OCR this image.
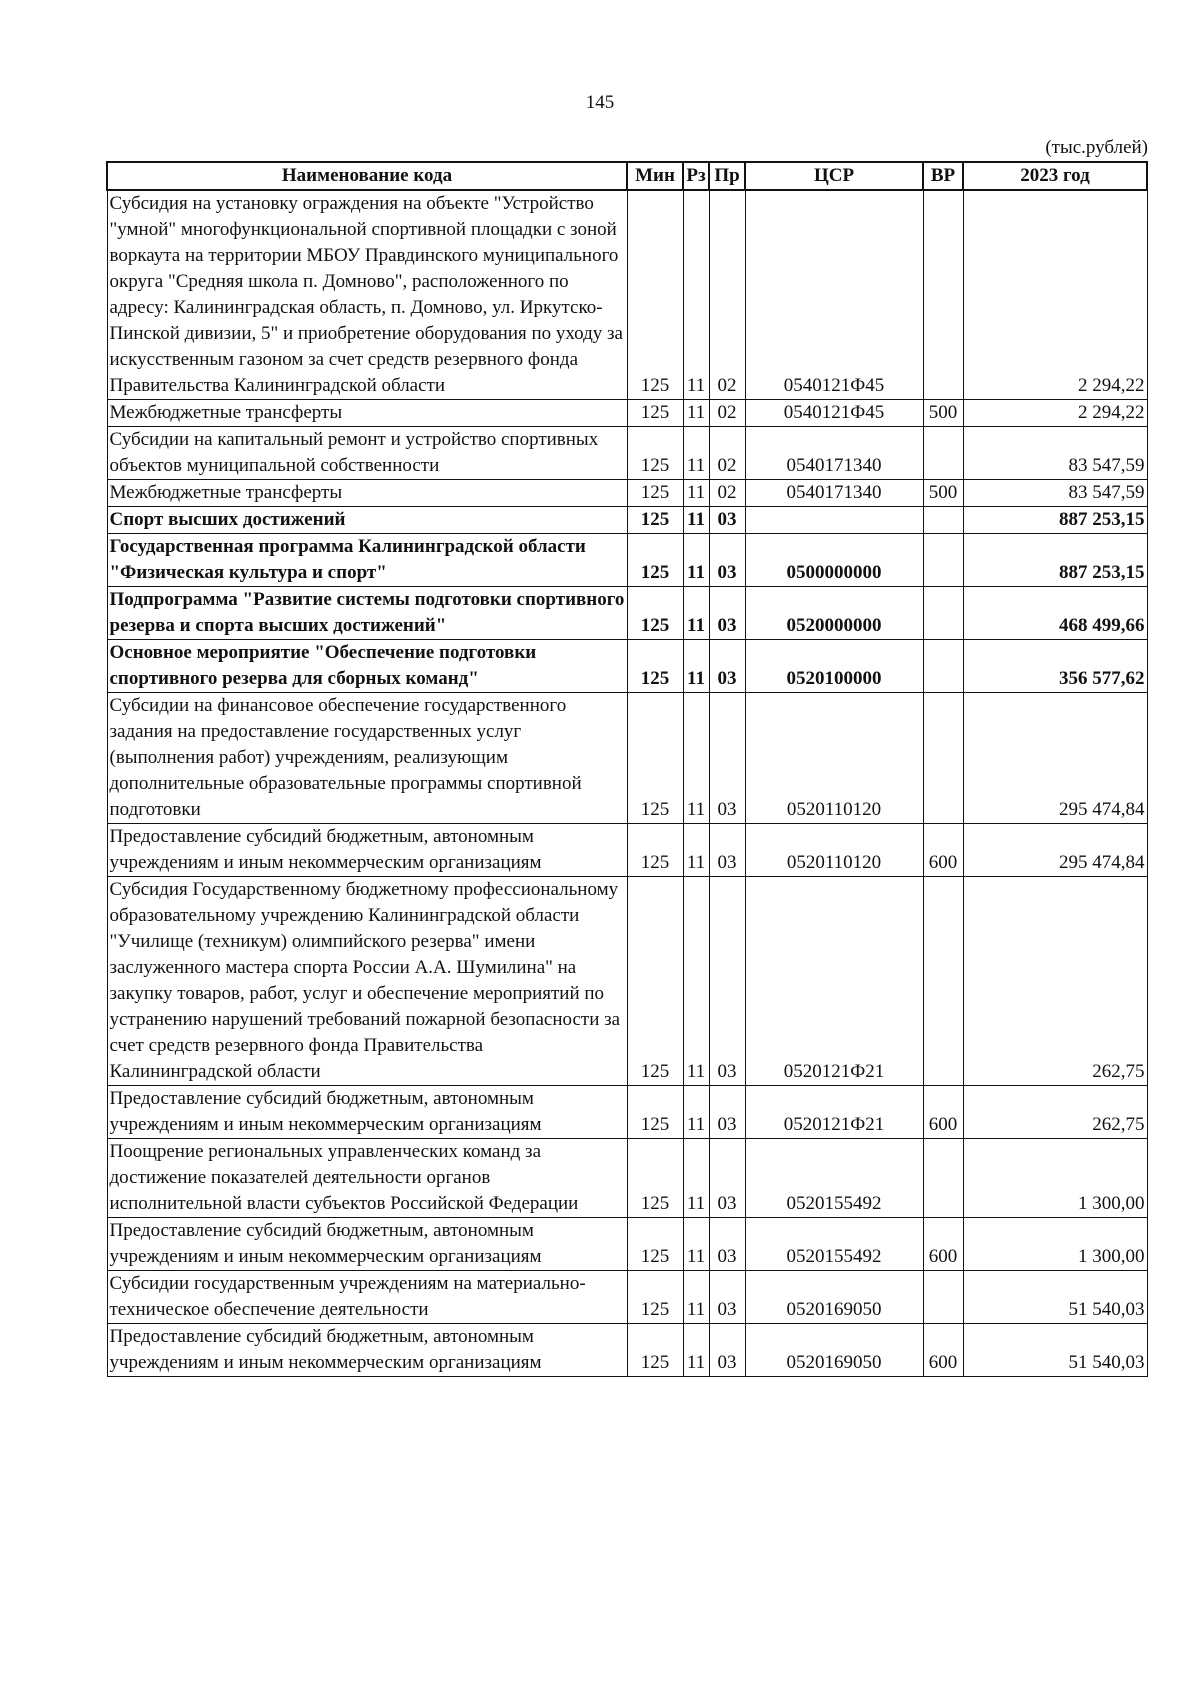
145
(тыс.рублей)
Наименование кода	Мин	Рз	Пр	ЦСР	ВР	2023 год
Субсидия на установку ограждения на объекте "Устройство "умной" многофункциональной спортивной площадки с зоной воркаута на территории МБОУ Правдинского муниципального округа "Средняя школа п. Домново", расположенного по адресу: Калининградская область, п. Домново, ул. Иркутско-Пинской дивизии, 5" и приобретение оборудования по уходу за искусственным газоном за счет средств резервного фонда Правительства Калининградской области	125	11	02	0540121Ф45		2 294,22
Межбюджетные трансферты	125	11	02	0540121Ф45	500	2 294,22
Субсидии на капитальный ремонт и устройство спортивных объектов муниципальной собственности	125	11	02	0540171340		83 547,59
Межбюджетные трансферты	125	11	02	0540171340	500	83 547,59
Спорт высших достижений	125	11	03			887 253,15
Государственная программа Калининградской области "Физическая культура и спорт"	125	11	03	0500000000		887 253,15
Подпрограмма "Развитие системы подготовки спортивного резерва и спорта высших достижений"	125	11	03	0520000000		468 499,66
Основное мероприятие "Обеспечение подготовки спортивного резерва для сборных команд"	125	11	03	0520100000		356 577,62
Субсидии на финансовое обеспечение государственного задания на предоставление государственных услуг (выполнения работ) учреждениям, реализующим дополнительные образовательные программы спортивной подготовки	125	11	03	0520110120		295 474,84
Предоставление субсидий бюджетным, автономным учреждениям и иным некоммерческим организациям	125	11	03	0520110120	600	295 474,84
Субсидия Государственному бюджетному профессиональному образовательному учреждению Калининградской области "Училище (техникум) олимпийского резерва" имени заслуженного мастера спорта России А.А. Шумилина" на закупку товаров, работ, услуг и обеспечение мероприятий по устранению нарушений требований пожарной безопасности за счет средств резервного фонда Правительства Калининградской области	125	11	03	0520121Ф21		262,75
Предоставление субсидий бюджетным, автономным учреждениям и иным некоммерческим организациям	125	11	03	0520121Ф21	600	262,75
Поощрение региональных управленческих команд за достижение показателей деятельности органов исполнительной власти субъектов Российской Федерации	125	11	03	0520155492		1 300,00
Предоставление субсидий бюджетным, автономным учреждениям и иным некоммерческим организациям	125	11	03	0520155492	600	1 300,00
Субсидии государственным учреждениям на материально-техническое обеспечение деятельности	125	11	03	0520169050		51 540,03
Предоставление субсидий бюджетным, автономным учреждениям и иным некоммерческим организациям	125	11	03	0520169050	600	51 540,03
